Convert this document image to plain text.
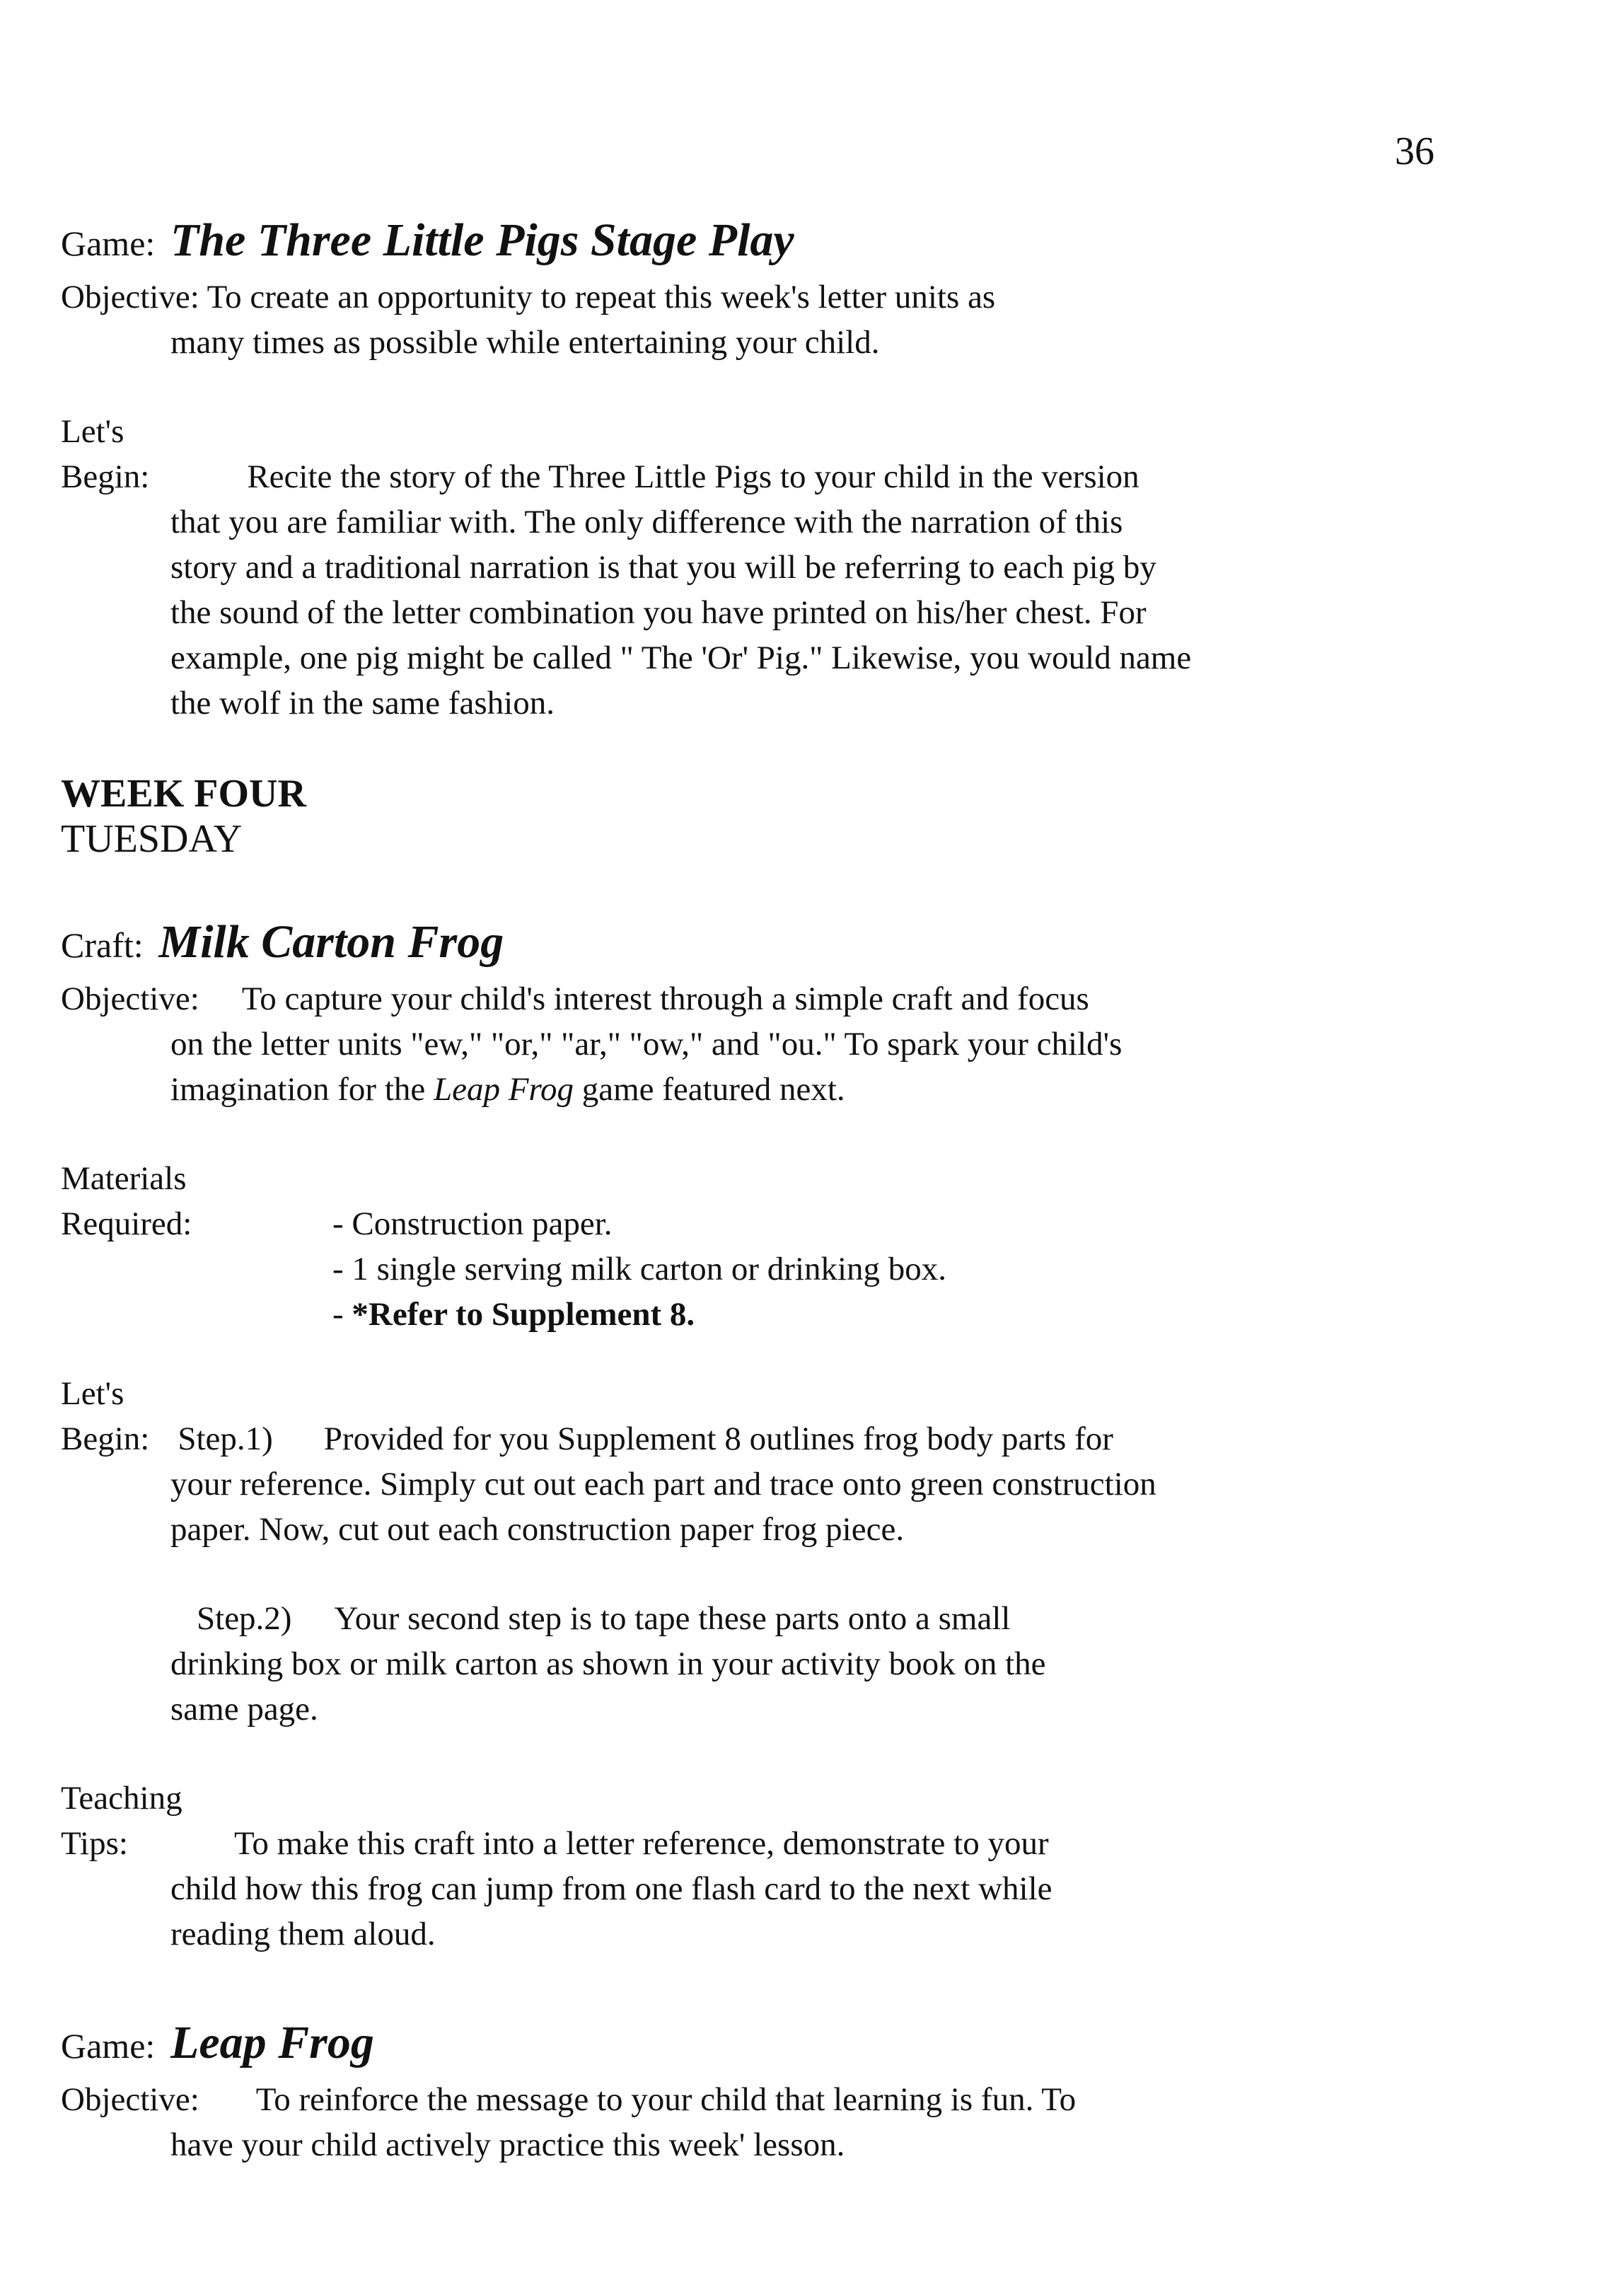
36
Game: The Three Little Pigs Stage Play
Objective: To create an opportunity to repeat this week's letter units as
many times as possible while entertaining your child.
Let's
Begin:	Recite the story of the Three Little Pigs to your child in the version
that you are familiar with. The only difference with the narration of this
story and a traditional narration is that you will be referring to each pig by
the sound of the letter combination you have printed on his/her chest. For
example, one pig might be called " The 'Or' Pig." Likewise, you would name
the wolf in the same fashion.
WEEK FOUR
TUESDAY
Craft: Milk Carton Frog
Objective: To capture your child's interest through a simple craft and focus
on the letter units "ew," "or," "ar," "ow," and "ou." To spark your child's
imagination for the Leap Frog game featured next.
Materials
Required:	- Construction paper.
- 1 single serving milk carton or drinking box.
- *Refer to Supplement 8.
Let's
Begin: Step.1) Provided for you Supplement 8 outlines frog body parts for
your reference. Simply cut out each part and trace onto green construction
paper. Now, cut out each construction paper frog piece.
Step.2) Your second step is to tape these parts onto a small
drinking box or milk carton as shown in your activity book on the
same page.
Teaching
Tips:	To make this craft into a letter reference, demonstrate to your
child how this frog can jump from one flash card to the next while
reading them aloud.
Game: Leap Frog
Objective: To reinforce the message to your child that learning is fun. To
have your child actively practice this week' lesson.
